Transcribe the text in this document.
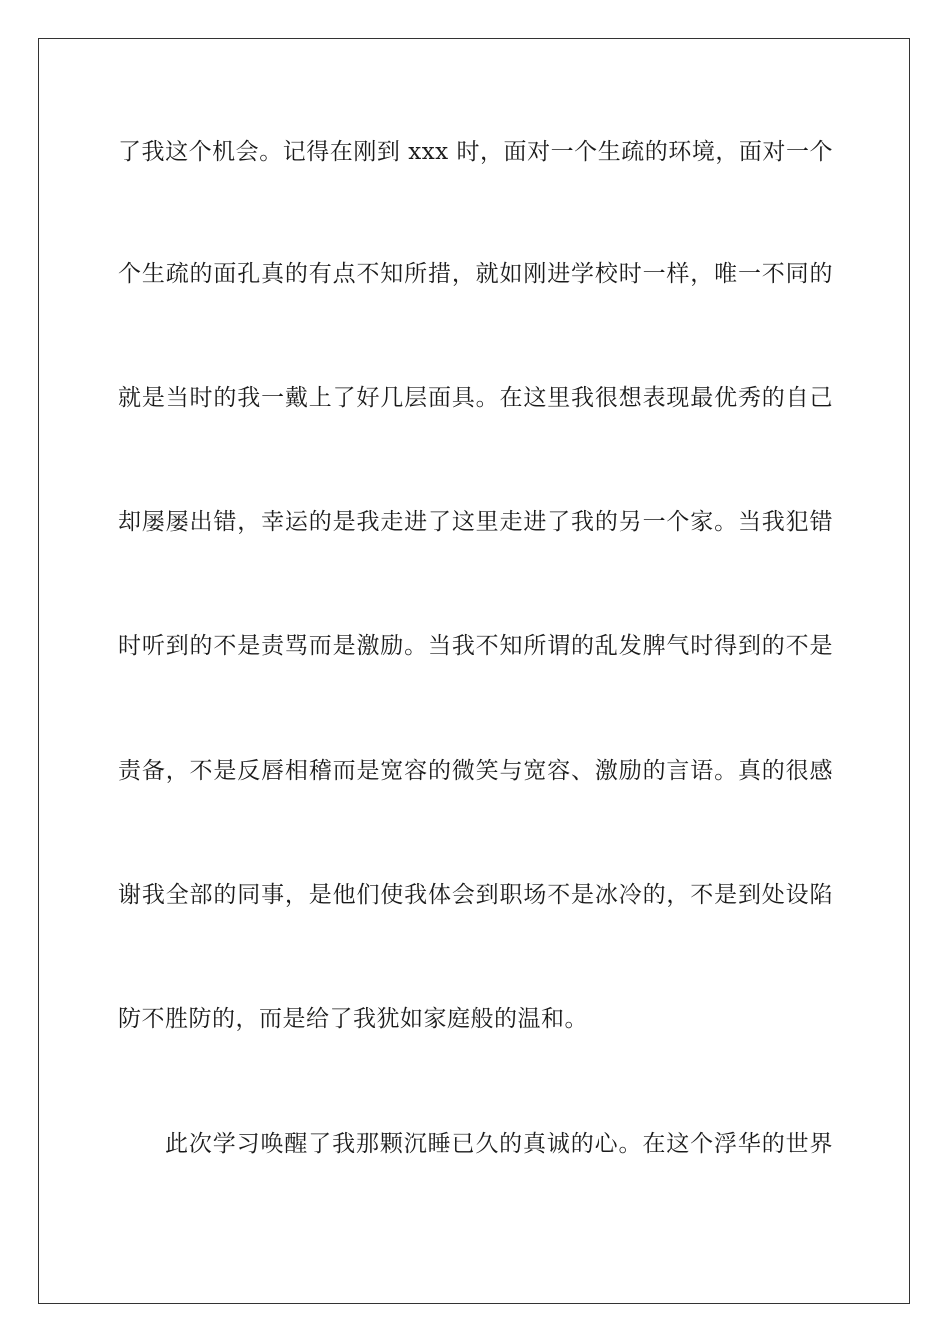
了我这个机会。记得在刚到 xxx 时，面对一个生疏的环境，面对一个
个生疏的面孔真的有点不知所措，就如刚进学校时一样，唯一不同的
就是当时的我一戴上了好几层面具。在这里我很想表现最优秀的自己
却屡屡出错，幸运的是我走进了这里走进了我的另一个家。当我犯错
时听到的不是责骂而是激励。当我不知所谓的乱发脾气时得到的不是
责备，不是反唇相稽而是宽容的微笑与宽容、激励的言语。真的很感
谢我全部的同事，是他们使我体会到职场不是冰冷的，不是到处设陷
防不胜防的，而是给了我犹如家庭般的温和。
此次学习唤醒了我那颗沉睡已久的真诚的心。在这个浮华的世界
